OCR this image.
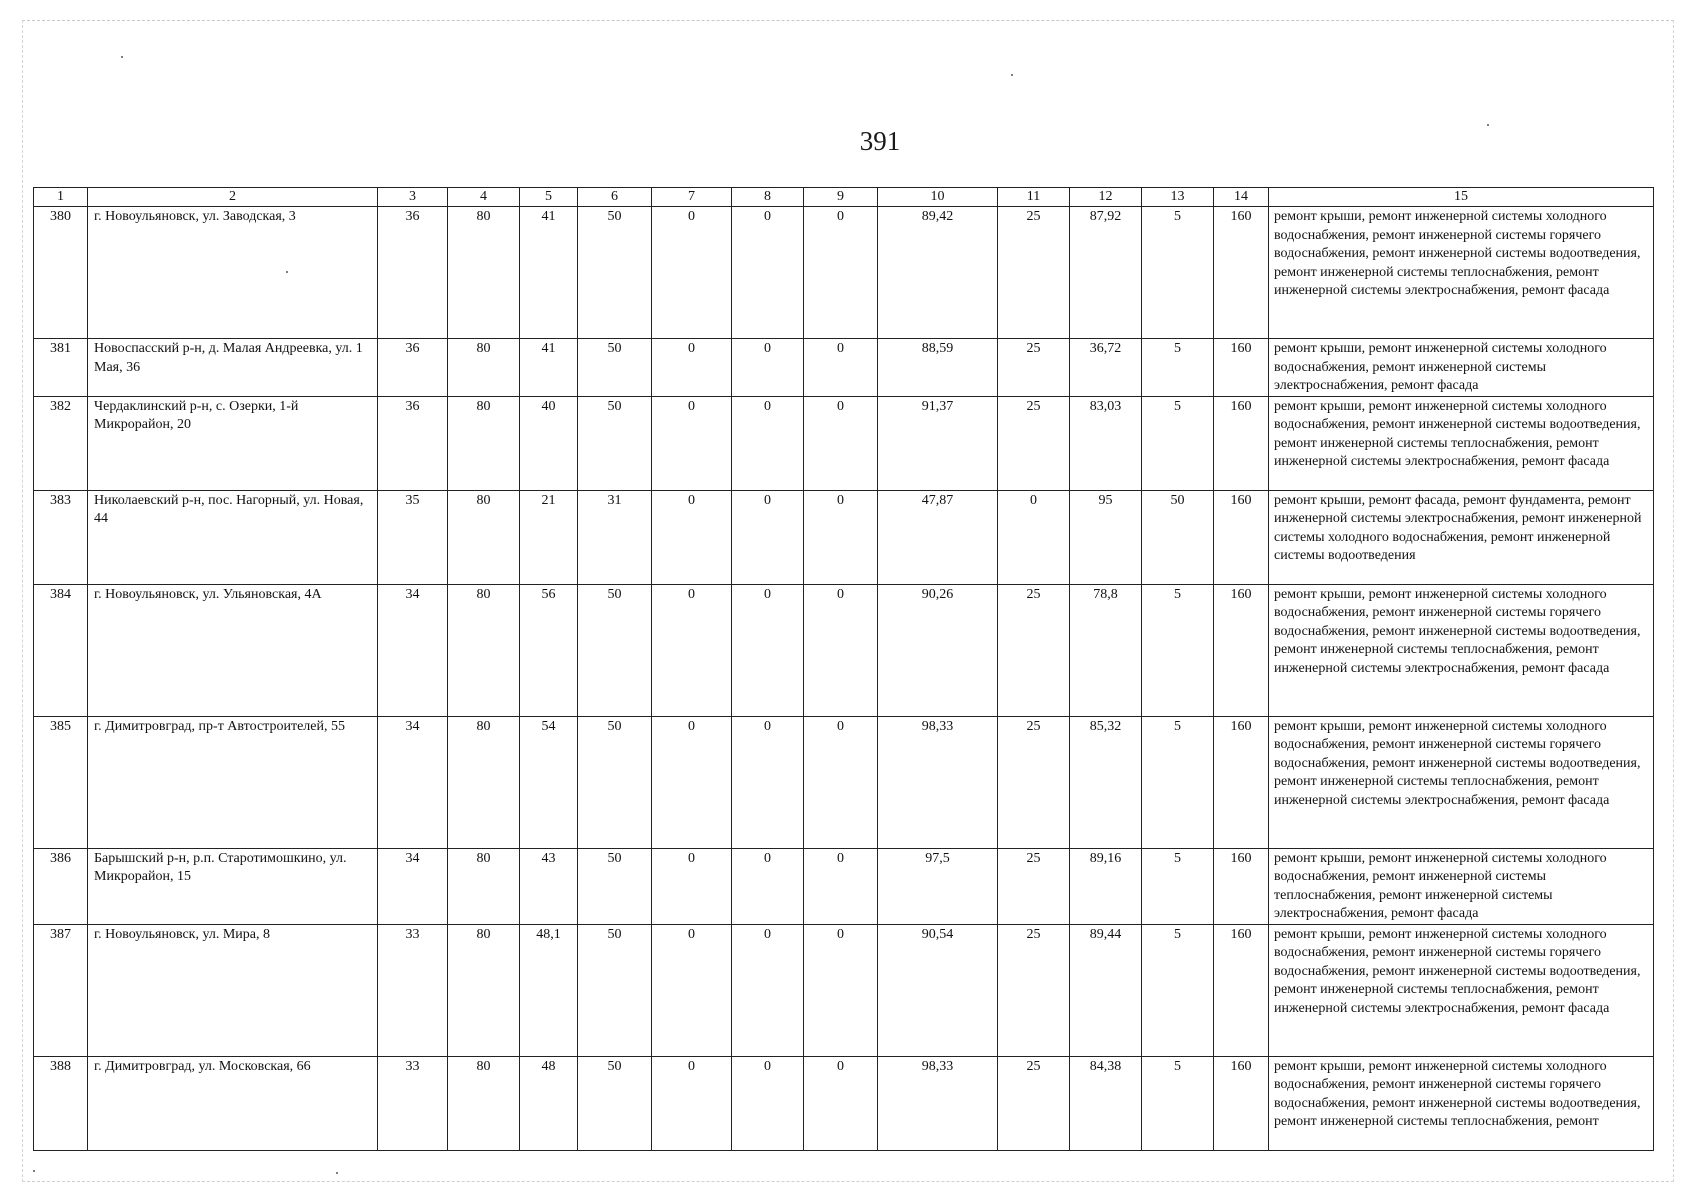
391
1	2	3	4	5	6	7	8	9	10	11	12	13	14	15
380	г. Новоульяновск, ул. Заводская, 3	36	80	41	50	0	0	0	89,42	25	87,92	5	160	ремонт крыши, ремонт инженерной системы холодного водоснабжения, ремонт инженерной системы горячего водоснабжения, ремонт инженерной системы водоотведения, ремонт инженерной системы теплоснабжения, ремонт инженерной системы электроснабжения, ремонт фасада
381	Новоспасский р-н, д. Малая Андреевка, ул. 1 Мая, 36	36	80	41	50	0	0	0	88,59	25	36,72	5	160	ремонт крыши, ремонт инженерной системы холодного водоснабжения, ремонт инженерной системы электроснабжения, ремонт фасада
382	Чердаклинский р-н, с. Озерки, 1-й Микрорайон, 20	36	80	40	50	0	0	0	91,37	25	83,03	5	160	ремонт крыши, ремонт инженерной системы холодного водоснабжения, ремонт инженерной системы водоотведения, ремонт инженерной системы теплоснабжения, ремонт инженерной системы электроснабжения, ремонт фасада
383	Николаевский р-н, пос. Нагорный, ул. Новая, 44	35	80	21	31	0	0	0	47,87	0	95	50	160	ремонт крыши, ремонт фасада, ремонт фундамента, ремонт инженерной системы электроснабжения, ремонт инженерной системы холодного водоснабжения, ремонт инженерной системы водоотведения
384	г. Новоульяновск, ул. Ульяновская, 4А	34	80	56	50	0	0	0	90,26	25	78,8	5	160	ремонт крыши, ремонт инженерной системы холодного водоснабжения, ремонт инженерной системы горячего водоснабжения, ремонт инженерной системы водоотведения, ремонт инженерной системы теплоснабжения, ремонт инженерной системы электроснабжения, ремонт фасада
385	г. Димитровград, пр-т Автостроителей, 55	34	80	54	50	0	0	0	98,33	25	85,32	5	160	ремонт крыши, ремонт инженерной системы холодного водоснабжения, ремонт инженерной системы горячего водоснабжения, ремонт инженерной системы водоотведения, ремонт инженерной системы теплоснабжения, ремонт инженерной системы электроснабжения, ремонт фасада
386	Барышский р-н, р.п. Старотимошкино, ул. Микрорайон, 15	34	80	43	50	0	0	0	97,5	25	89,16	5	160	ремонт крыши, ремонт инженерной системы холодного водоснабжения, ремонт инженерной системы теплоснабжения, ремонт инженерной системы электроснабжения, ремонт фасада
387	г. Новоульяновск, ул. Мира, 8	33	80	48,1	50	0	0	0	90,54	25	89,44	5	160	ремонт крыши, ремонт инженерной системы холодного водоснабжения, ремонт инженерной системы горячего водоснабжения, ремонт инженерной системы водоотведения, ремонт инженерной системы теплоснабжения, ремонт инженерной системы электроснабжения, ремонт фасада
388	г. Димитровград, ул. Московская, 66	33	80	48	50	0	0	0	98,33	25	84,38	5	160	ремонт крыши, ремонт инженерной системы холодного водоснабжения, ремонт инженерной системы горячего водоснабжения, ремонт инженерной системы водоотведения, ремонт инженерной системы теплоснабжения, ремонт
